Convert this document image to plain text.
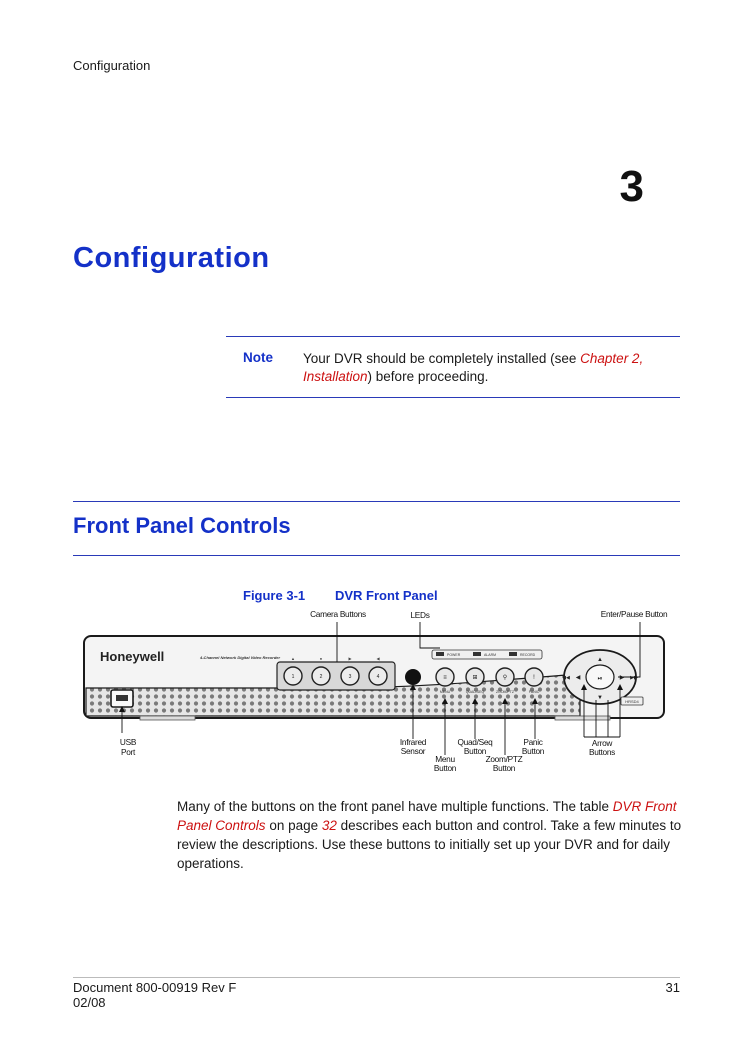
Configuration
3
Configuration
Note Your DVR should be completely installed (see Chapter 2, Installation) before proceeding.
Front Panel Controls
Figure 3-1 DVR Front Panel
Honeywell	4-Channel Network Digital Video Recorder	▲	●	▶	◀
1	2	3	4
POWER	ALARM	RECORD
≡
MENU
⊞
QUAD/SEQ
⚲
ZOOM/PTZ
!
PANIC
▲
▼
◀	▶
⏯
◀◀	▶▶
HRSD4
Camera Buttons	LEDs	Enter/Pause Button
USB
Port
Infrared
Sensor
Quad/Seq
Button
Panic
Button
Arrow
Buttons
Menu
Button
Zoom/PTZ
Button
Many of the buttons on the front panel have multiple functions. The table DVR Front Panel Controls on page 32 describes each button and control. Take a few minutes to review the descriptions. Use these buttons to initially set up your DVR and for daily operations.
Document 800-00919 Rev F
02/08
31
